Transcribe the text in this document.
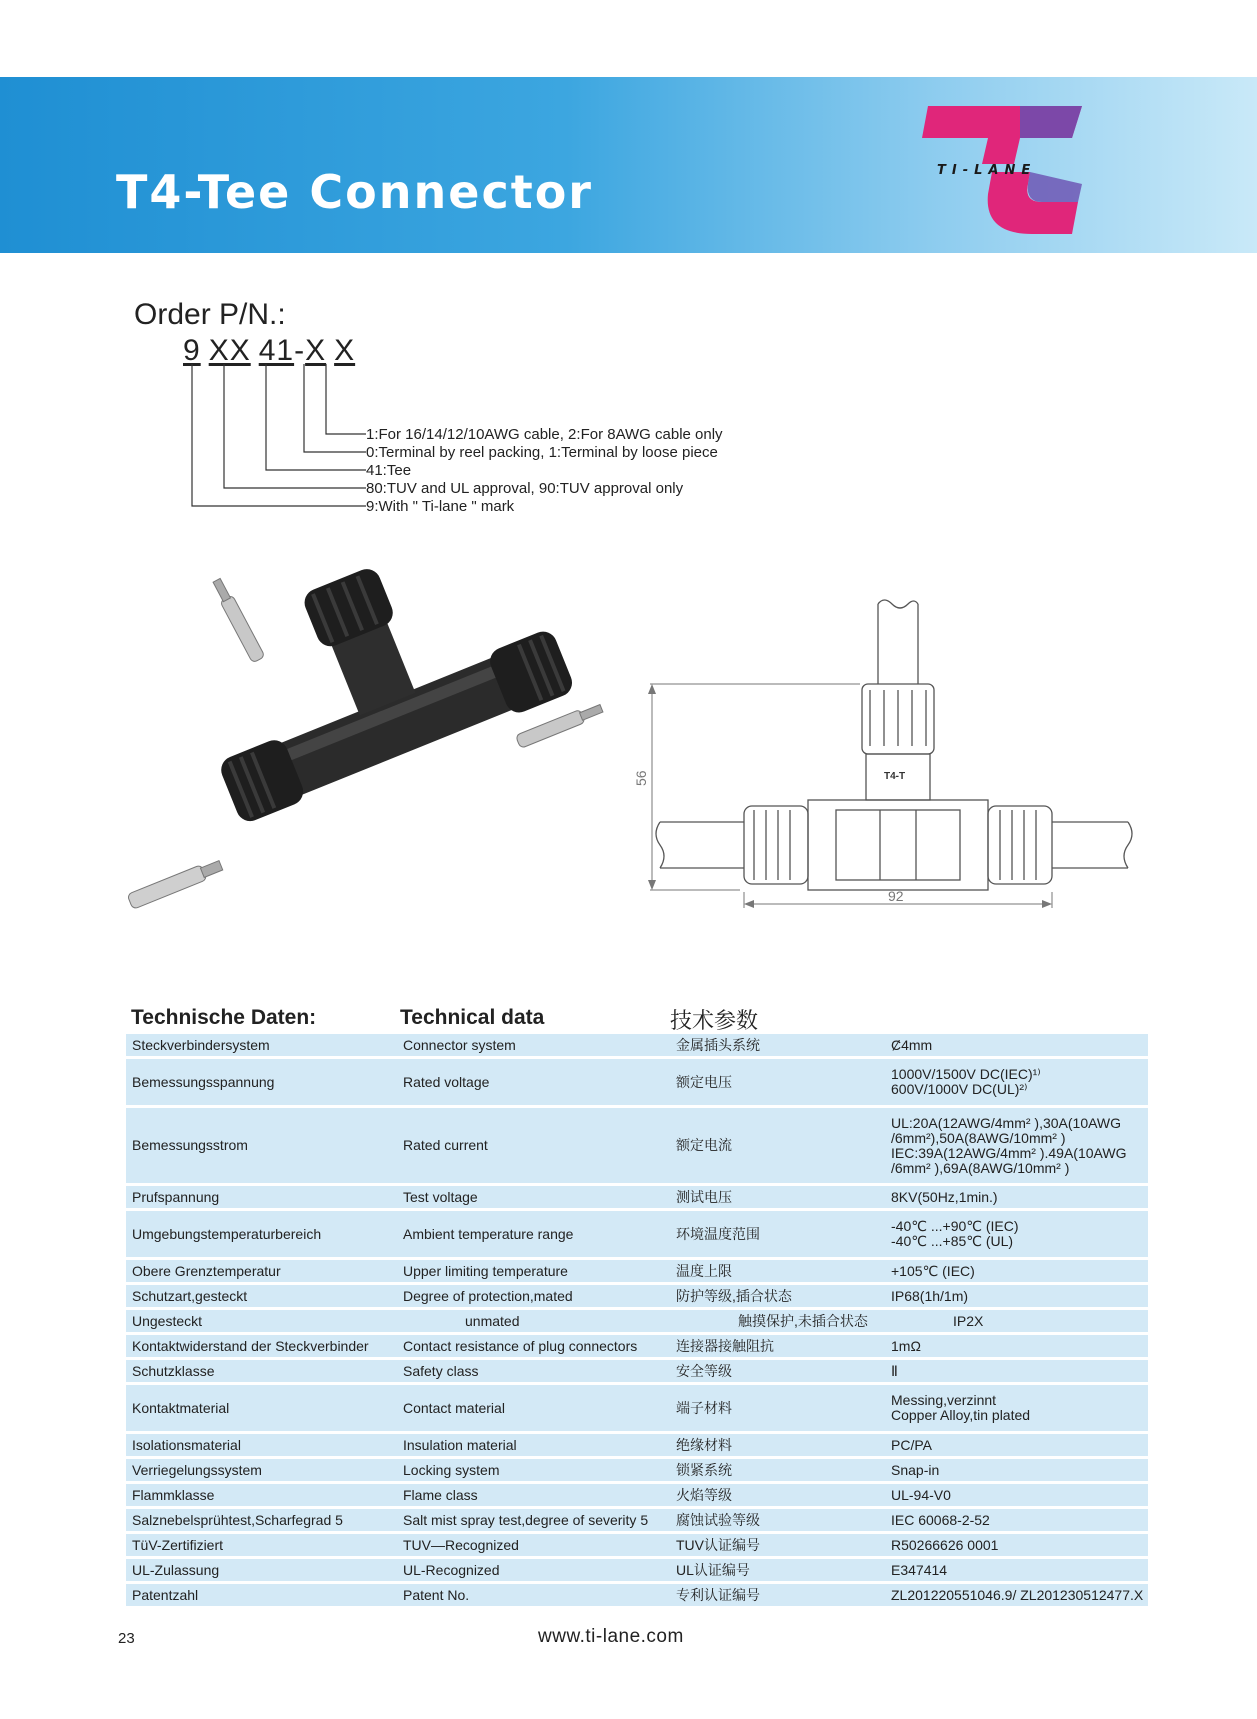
T4-Tee Connector	TI-LANE
Order P/N.:
9 XX 41-X X
1:For 16/14/12/10AWG cable, 2:For 8AWG cable only
0:Terminal by reel packing, 1:Terminal by loose piece
41:Tee
80:TUV and UL approval, 90:TUV approval only
9:With " Ti-lane " mark
56
92
T4-T
Technische Daten:	Technical data	技术参数
Steckverbindersystem	Connector system	金属插头系统	Ȼ4mm
Bemessungsspannung	Rated voltage	额定电压	1000V/1500V DC(IEC)¹⁾
600V/1000V DC(UL)²⁾
Bemessungsstrom	Rated current	额定电流
UL:20A(12AWG/4mm² ),30A(10AWG
/6mm²),50A(8AWG/10mm² )
IEC:39A(12AWG/4mm² ).49A(10AWG
/6mm² ),69A(8AWG/10mm² )
Prufspannung	Test voltage	测试电压	8KV(50Hz,1min.)
Umgebungstemperaturbereich	Ambient temperature range	环境温度范围	-40℃ ...+90℃ (IEC)
-40℃ ...+85℃ (UL)
Obere Grenztemperatur	Upper limiting temperature	温度上限	+105℃ (IEC)
Schutzart,gesteckt	Degree of protection,mated	防护等级,插合状态	IP68(1h/1m)
Ungesteckt	unmated	触摸保护,未插合状态	IP2X
Kontaktwiderstand der Steckverbinder	Contact resistance of plug connectors	连接器接触阻抗	1mΩ
Schutzklasse	Safety class	安全等级	Ⅱ
Kontaktmaterial	Contact material	端子材料	Messing,verzinnt
Copper Alloy,tin plated
Isolationsmaterial	Insulation material	绝缘材料	PC/PA
Verriegelungssystem	Locking system	锁紧系统	Snap-in
Flammklasse	Flame class	火焰等级	UL-94-V0
Salznebelsprühtest,Scharfegrad 5	Salt mist spray test,degree of severity 5	腐蚀试验等级	IEC 60068-2-52
TüV-Zertifiziert	TUV—Recognized	TUV认证编号	R50266626 0001
UL-Zulassung	UL-Recognized	UL认证编号	E347414
Patentzahl	Patent No.	专利认证编号	ZL201220551046.9/ ZL201230512477.X
23	www.ti-lane.com
